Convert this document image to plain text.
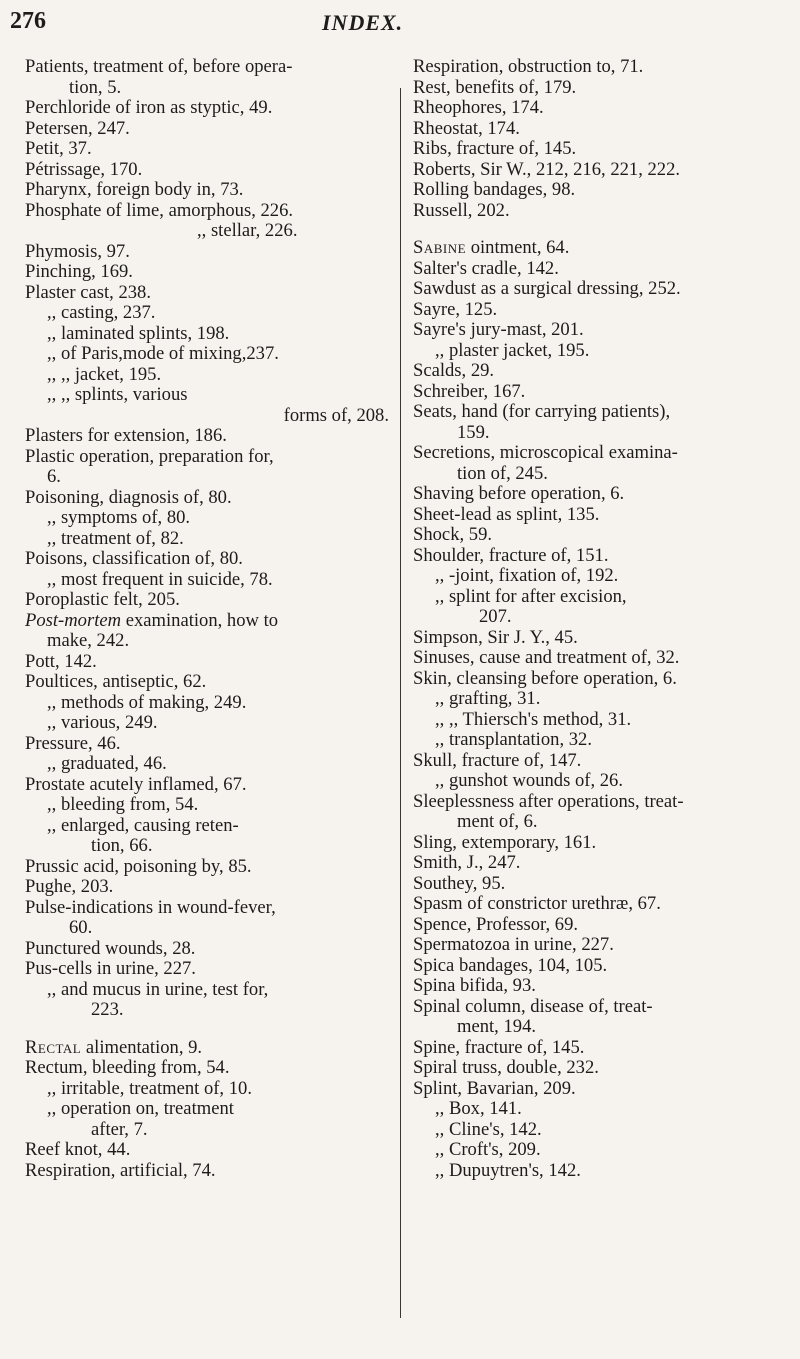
276	INDEX.
Patients, treatment of, before opera-
tion, 5.
Perchloride of iron as styptic, 49.
Petersen, 247.
Petit, 37.
Pétrissage, 170.
Pharynx, foreign body in, 73.
Phosphate of lime, amorphous, 226.
,, stellar, 226.
Phymosis, 97.
Pinching, 169.
Plaster cast, 238.
,, casting, 237.
,, laminated splints, 198.
,, of Paris,mode of mixing,237.
,, ,, jacket, 195.
,, ,, splints, various
forms of, 208.
Plasters for extension, 186.
Plastic operation, preparation for,
6.
Poisoning, diagnosis of, 80.
,, symptoms of, 80.
,, treatment of, 82.
Poisons, classification of, 80.
,, most frequent in suicide, 78.
Poroplastic felt, 205.
Post-mortem examination, how to
make, 242.
Pott, 142.
Poultices, antiseptic, 62.
,, methods of making, 249.
,, various, 249.
Pressure, 46.
,, graduated, 46.
Prostate acutely inflamed, 67.
,, bleeding from, 54.
,, enlarged, causing reten-
tion, 66.
Prussic acid, poisoning by, 85.
Pughe, 203.
Pulse-indications in wound-fever,
60.
Punctured wounds, 28.
Pus-cells in urine, 227.
,, and mucus in urine, test for,
223.
Rectal alimentation, 9.
Rectum, bleeding from, 54.
,, irritable, treatment of, 10.
,, operation on, treatment
after, 7.
Reef knot, 44.
Respiration, artificial, 74.
Respiration, obstruction to, 71.
Rest, benefits of, 179.
Rheophores, 174.
Rheostat, 174.
Ribs, fracture of, 145.
Roberts, Sir W., 212, 216, 221, 222.
Rolling bandages, 98.
Russell, 202.
Sabine ointment, 64.
Salter's cradle, 142.
Sawdust as a surgical dressing, 252.
Sayre, 125.
Sayre's jury-mast, 201.
,, plaster jacket, 195.
Scalds, 29.
Schreiber, 167.
Seats, hand (for carrying patients),
159.
Secretions, microscopical examina-
tion of, 245.
Shaving before operation, 6.
Sheet-lead as splint, 135.
Shock, 59.
Shoulder, fracture of, 151.
,, -joint, fixation of, 192.
,, splint for after excision,
207.
Simpson, Sir J. Y., 45.
Sinuses, cause and treatment of, 32.
Skin, cleansing before operation, 6.
,, grafting, 31.
,, ,, Thiersch's method, 31.
,, transplantation, 32.
Skull, fracture of, 147.
,, gunshot wounds of, 26.
Sleeplessness after operations, treat-
ment of, 6.
Sling, extemporary, 161.
Smith, J., 247.
Southey, 95.
Spasm of constrictor urethræ, 67.
Spence, Professor, 69.
Spermatozoa in urine, 227.
Spica bandages, 104, 105.
Spina bifida, 93.
Spinal column, disease of, treat-
ment, 194.
Spine, fracture of, 145.
Spiral truss, double, 232.
Splint, Bavarian, 209.
,, Box, 141.
,, Cline's, 142.
,, Croft's, 209.
,, Dupuytren's, 142.
